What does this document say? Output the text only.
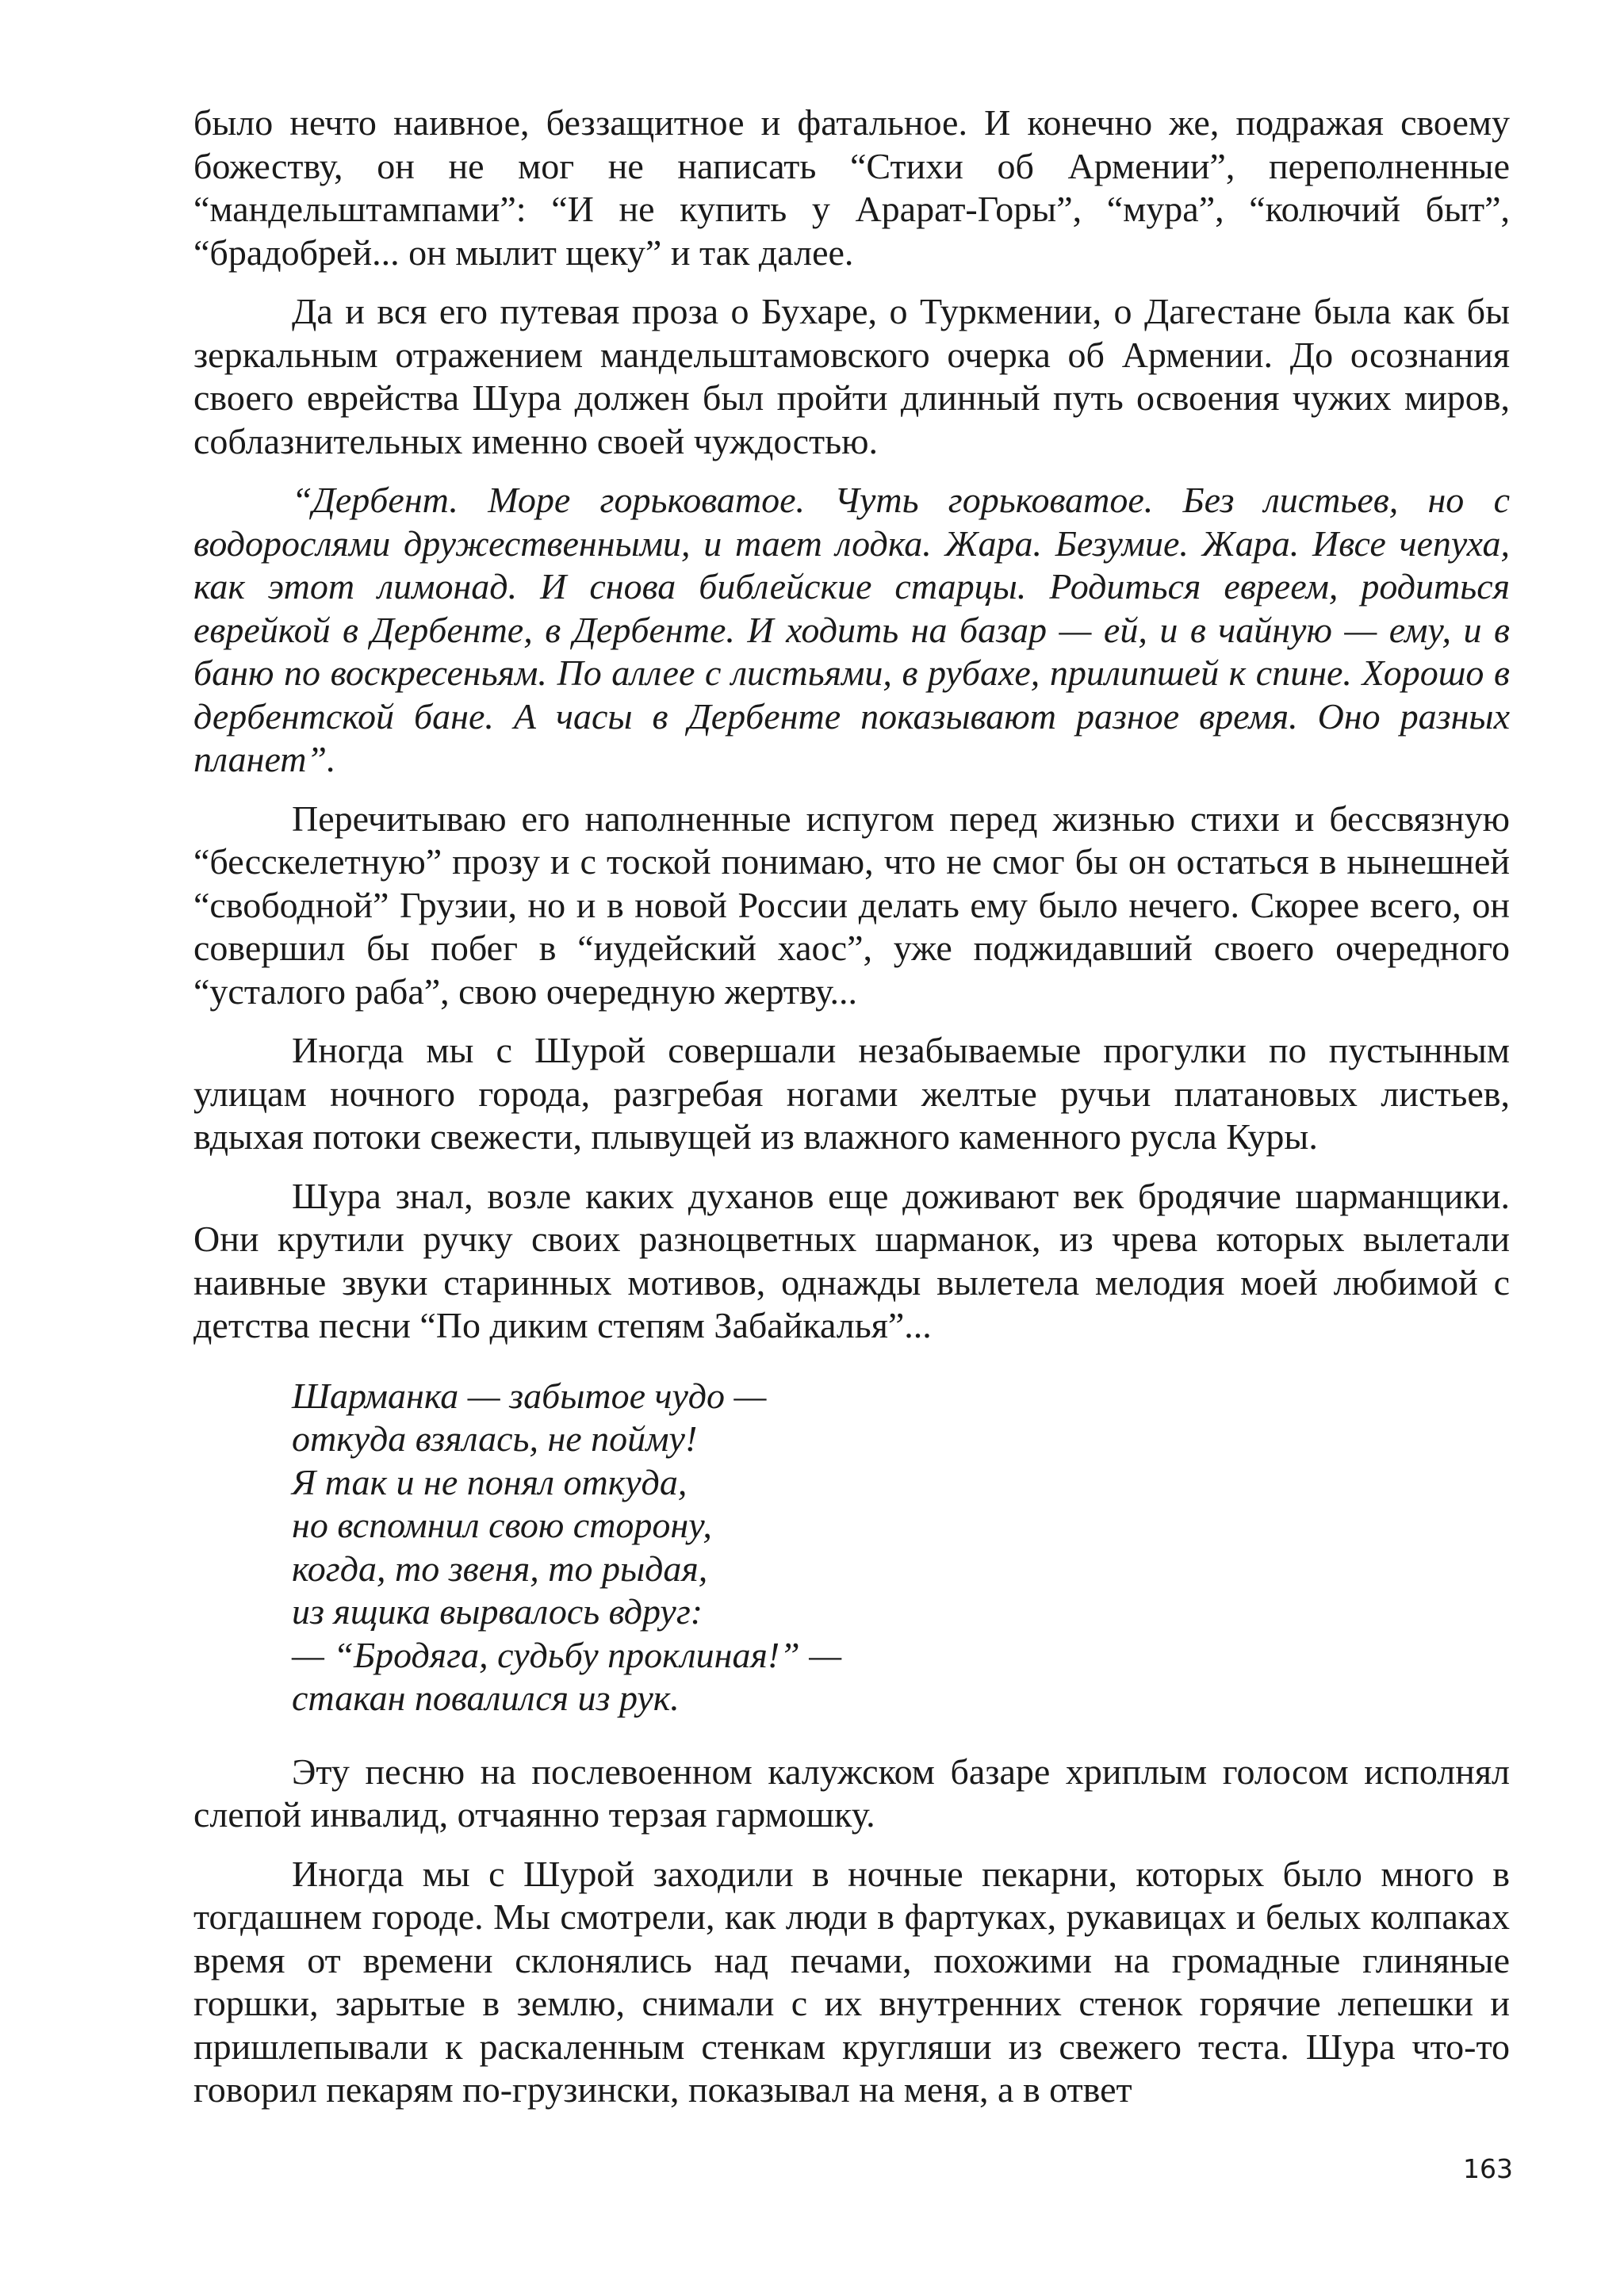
было нечто наивное, беззащитное и фатальное. И конечно же, подражая своему божеству, он не мог не написать “Стихи об Армении”, переполненные “мандельштампами”: “И не купить у Арарат-Горы”, “мура”, “колючий быт”, “брадобрей... он мылит щеку” и так далее.

Да и вся его путевая проза о Бухаре, о Туркмении, о Дагестане была как бы зеркальным отражением мандельштамовского очерка об Армении. До осознания своего еврейства Шура должен был пройти длинный путь освоения чужих миров, соблазнительных именно своей чуждостью.

“Дербент. Море горьковатое. Чуть горьковатое. Без листьев, но с водорослями дружественными, и тает лодка. Жара. Безумие. Жара. Ивсе чепуха, как этот лимонад. И снова библейские старцы. Родиться евреем, родиться еврейкой в Дербенте, в Дербенте. И ходить на базар — ей, и в чайную — ему, и в баню по воскресеньям. По аллее с листьями, в рубахе, прилипшей к спине. Хорошо в дербентской бане. А часы в Дербенте показывают разное время. Оно разных планет”.

Перечитываю его наполненные испугом перед жизнью стихи и бессвязную “бесскелетную” прозу и с тоской понимаю, что не смог бы он остаться в нынешней “свободной” Грузии, но и в новой России делать ему было нечего. Скорее всего, он совершил бы побег в “иудейский хаос”, уже поджидавший своего очередного “усталого раба”, свою очередную жертву...

Иногда мы с Шурой совершали незабываемые прогулки по пустынным улицам ночного города, разгребая ногами желтые ручьи платановых листьев, вдыхая потоки свежести, плывущей из влажного каменного русла Куры.

Шура знал, возле каких духанов еще доживают век бродячие шарманщики. Они крутили ручку своих разноцветных шарманок, из чрева которых вылетали наивные звуки старинных мотивов, однажды вылетела мелодия моей любимой с детства песни “По диким степям Забайкалья”...

Шарманка — забытое чудо —
откуда взялась, не пойму!
Я так и не понял откуда,
но вспомнил свою сторону,
когда, то звеня, то рыдая,
из ящика вырвалось вдруг:
— “Бродяга, судьбу проклиная!” —
стакан повалился из рук.

Эту песню на послевоенном калужском базаре хриплым голосом исполнял слепой инвалид, отчаянно терзая гармошку.

Иногда мы с Шурой заходили в ночные пекарни, которых было много в тогдашнем городе. Мы смотрели, как люди в фартуках, рукавицах и белых колпаках время от времени склонялись над печами, похожими на громадные глиняные горшки, зарытые в землю, снимали с их внутренних стенок горячие лепешки и пришлепывали к раскаленным стенкам кругляши из свежего теста. Шура что-то говорил пекарям по-грузински, показывал на меня, а в ответ

163
